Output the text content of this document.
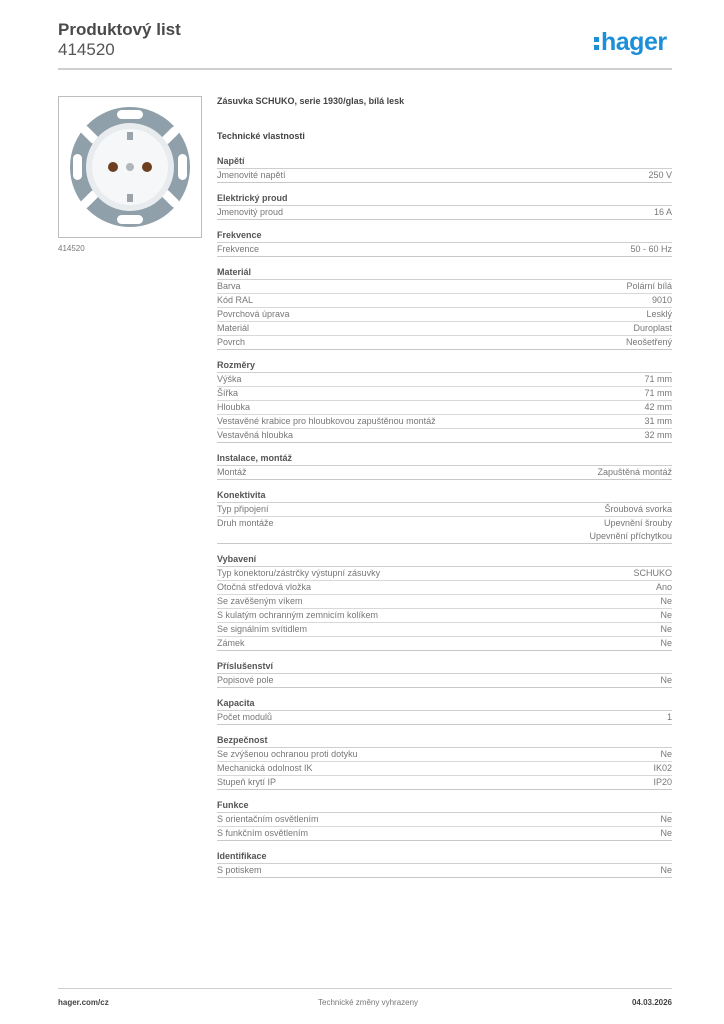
Produktový list
414520	hager
414520
Zásuvka SCHUKO, serie 1930/glas, bílá lesk
Technické vlastnosti
Napětí
Jmenovité napětí	250 V
Elektrický proud
Jmenovitý proud	16 A
Frekvence
Frekvence	50 - 60 Hz
Materiál
Barva	Polární bílá
Kód RAL	9010
Povrchová úprava	Lesklý
Materiál	Duroplast
Povrch	Neošetřený
Rozměry
Výška	71 mm
Šířka	71 mm
Hloubka	42 mm
Vestavěné krabice pro hloubkovou zapuštěnou montáž	31 mm
Vestavěná hloubka	32 mm
Instalace, montáž
Montáž	Zapuštěná montáž
Konektivita
Typ připojení	Šroubová svorka
Druh montáže	Upevnění šrouby
Upevnění příchytkou
Vybavení
Typ konektoru/zástrčky výstupní zásuvky	SCHUKO
Otočná středová vložka	Ano
Se zavěšeným víkem	Ne
S kulatým ochranným zemnicím kolíkem	Ne
Se signálním svítidlem	Ne
Zámek	Ne
Příslušenství
Popisové pole	Ne
Kapacita
Počet modulů	1
Bezpečnost
Se zvýšenou ochranou proti dotyku	Ne
Mechanická odolnost IK	IK02
Stupeň krytí IP	IP20
Funkce
S orientačním osvětlením	Ne
S funkčním osvětlením	Ne
Identifikace
S potiskem	Ne
hager.com/cz	Technické změny vyhrazeny	04.03.2026
